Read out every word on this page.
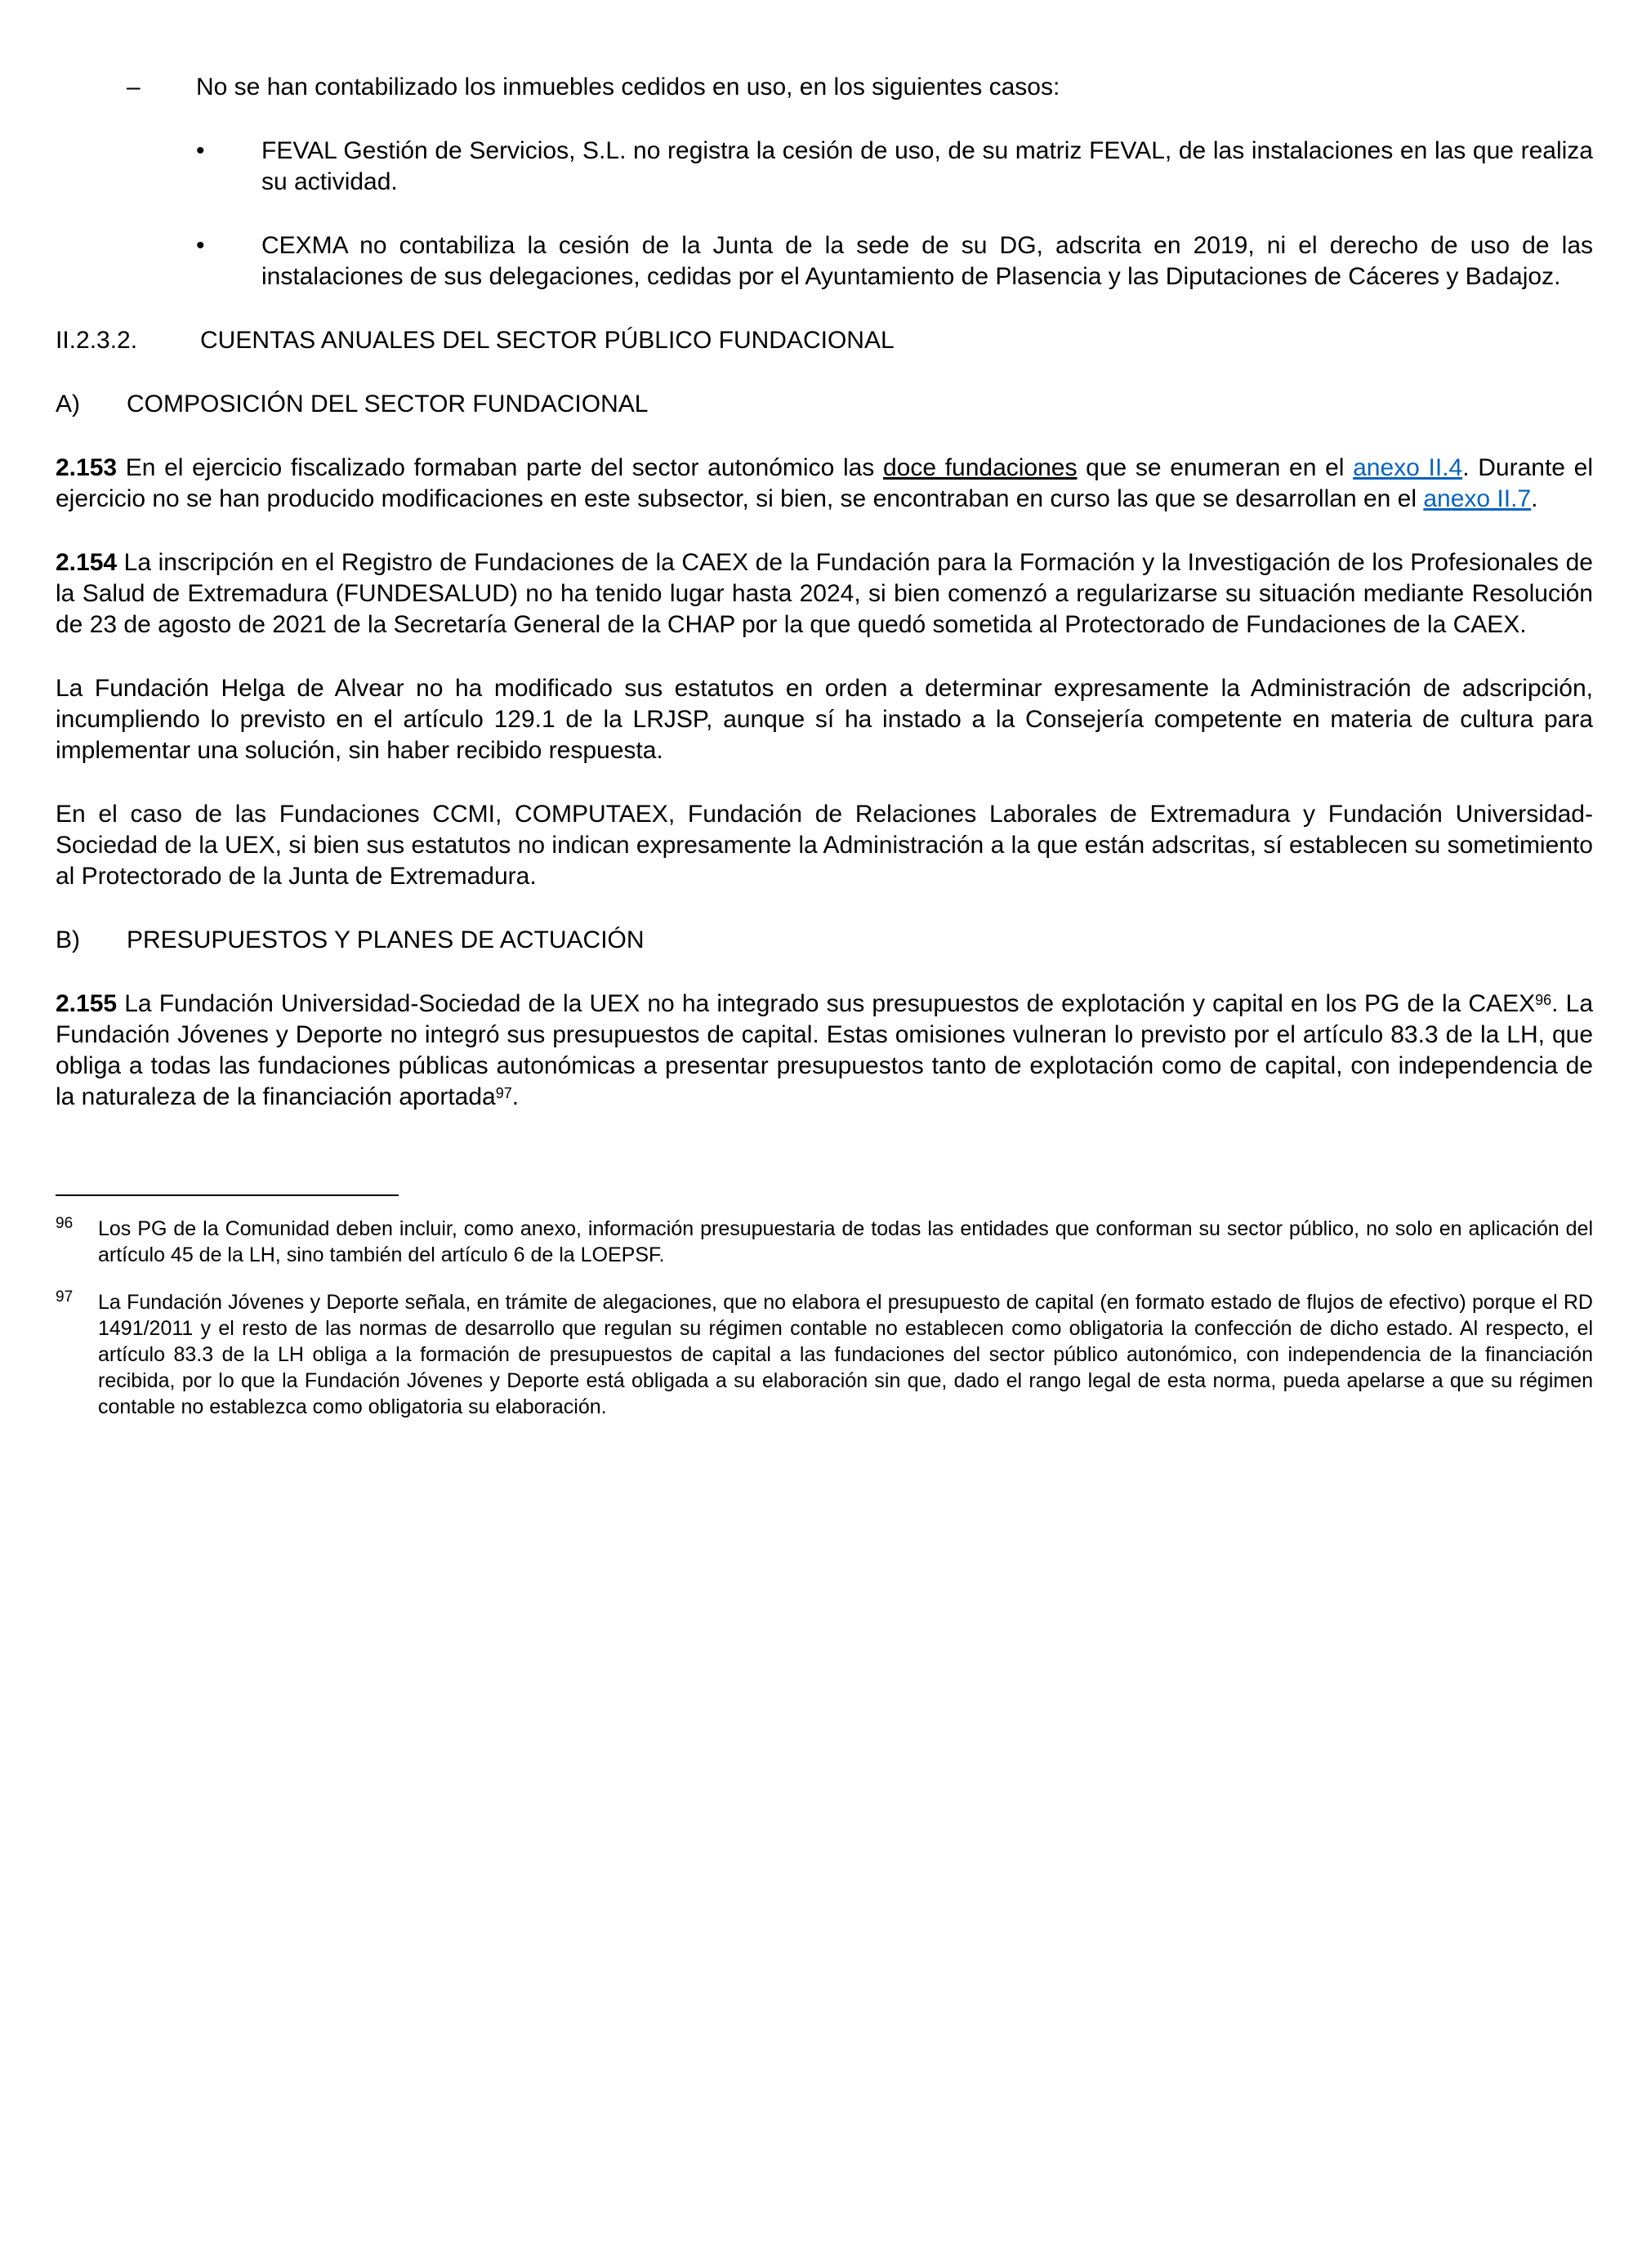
–	No se han contabilizado los inmuebles cedidos en uso, en los siguientes casos:
•	FEVAL Gestión de Servicios, S.L. no registra la cesión de uso, de su matriz FEVAL, de las instalaciones en las que realiza su actividad.
•	CEXMA no contabiliza la cesión de la Junta de la sede de su DG, adscrita en 2019, ni el derecho de uso de las instalaciones de sus delegaciones, cedidas por el Ayuntamiento de Plasencia y las Diputaciones de Cáceres y Badajoz.
II.2.3.2.	CUENTAS ANUALES DEL SECTOR PÚBLICO FUNDACIONAL
A) COMPOSICIÓN DEL SECTOR FUNDACIONAL

2.153 En el ejercicio fiscalizado formaban parte del sector autonómico las doce fundaciones que se enumeran en el anexo II.4. Durante el ejercicio no se han producido modificaciones en este subsector, si bien, se encontraban en curso las que se desarrollan en el anexo II.7.

2.154 La inscripción en el Registro de Fundaciones de la CAEX de la Fundación para la Formación y la Investigación de los Profesionales de la Salud de Extremadura (FUNDESALUD) no ha tenido lugar hasta 2024, si bien comenzó a regularizarse su situación mediante Resolución de 23 de agosto de 2021 de la Secretaría General de la CHAP por la que quedó sometida al Protectorado de Fundaciones de la CAEX.

La Fundación Helga de Alvear no ha modificado sus estatutos en orden a determinar expresamente la Administración de adscripción, incumpliendo lo previsto en el artículo 129.1 de la LRJSP, aunque sí ha instado a la Consejería competente en materia de cultura para implementar una solución, sin haber recibido respuesta.

En el caso de las Fundaciones CCMI, COMPUTAEX, Fundación de Relaciones Laborales de Extremadura y Fundación Universidad-Sociedad de la UEX, si bien sus estatutos no indican expresamente la Administración a la que están adscritas, sí establecen su sometimiento al Protectorado de la Junta de Extremadura.

B) PRESUPUESTOS Y PLANES DE ACTUACIÓN

2.155 La Fundación Universidad-Sociedad de la UEX no ha integrado sus presupuestos de explotación y capital en los PG de la CAEX$^{96}$. La Fundación Jóvenes y Deporte no integró sus presupuestos de capital. Estas omisiones vulneran lo previsto por el artículo 83.3 de la LH, que obliga a todas las fundaciones públicas autonómicas a presentar presupuestos tanto de explotación como de capital, con independencia de la naturaleza de la financiación aportada$^{97}$.

96	Los PG de la Comunidad deben incluir, como anexo, información presupuestaria de todas las entidades que conforman su sector público, no solo en aplicación del artículo 45 de la LH, sino también del artículo 6 de la LOEPSF.
97	La Fundación Jóvenes y Deporte señala, en trámite de alegaciones, que no elabora el presupuesto de capital (en formato estado de flujos de efectivo) porque el RD 1491/2011 y el resto de las normas de desarrollo que regulan su régimen contable no establecen como obligatoria la confección de dicho estado. Al respecto, el artículo 83.3 de la LH obliga a la formación de presupuestos de capital a las fundaciones del sector público autonómico, con independencia de la financiación recibida, por lo que la Fundación Jóvenes y Deporte está obligada a su elaboración sin que, dado el rango legal de esta norma, pueda apelarse a que su régimen contable no establezca como obligatoria su elaboración.
